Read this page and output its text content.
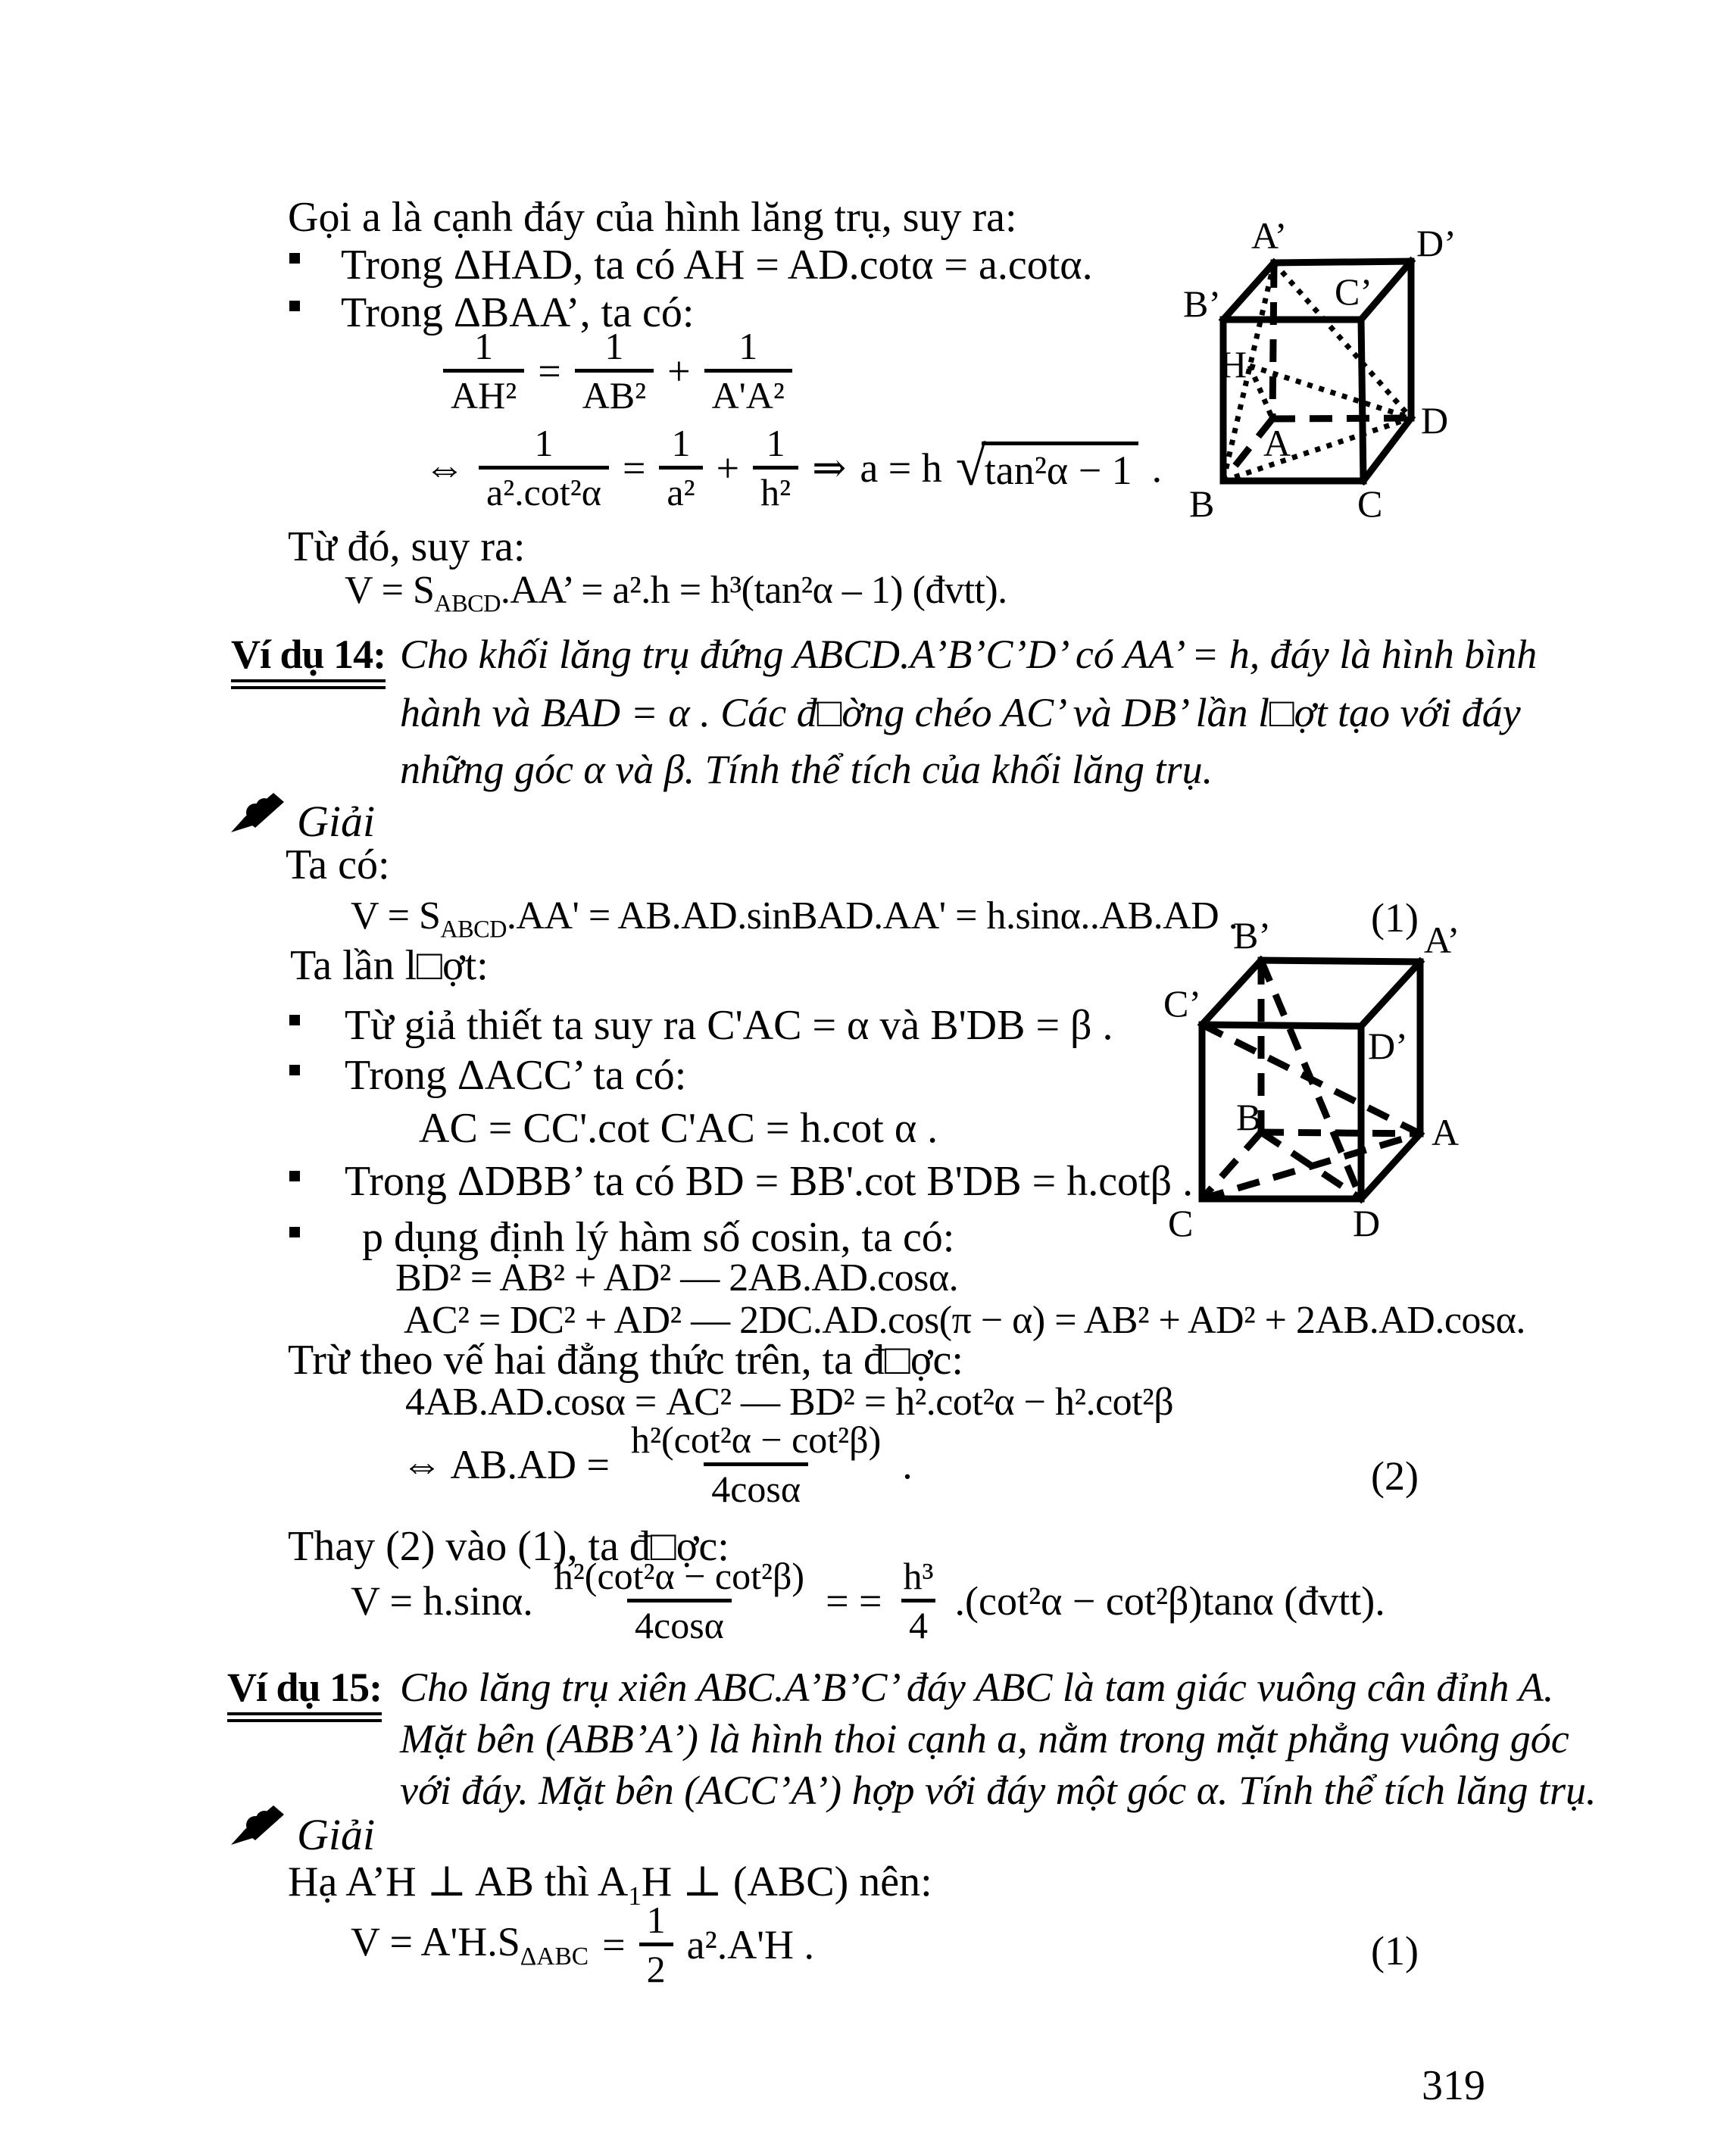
Gọi a là cạnh đáy của hình lăng trụ, suy ra:
Trong ΔHAD, ta có AH = AD.cotα = a.cotα.
Trong ΔBAA’, ta có:
$\frac{1}{\text{AH²}} = \frac{1}{\text{AB²}} + \frac{1}{\text{A'A²}}$
⇔ $\frac{1}{\text{a².cot²α}} = \frac{1}{\text{a²}} + \frac{1}{\text{h²}}$ ⇒ a = h √
tan²α − 1 .
Từ đó, suy ra:
$V = S_{ABCD}.AA$’ = a².h = h³(tan²α – 1) (đvtt).
A’	D’
B’	C’
H
A
D
B	C
Ví dụ 14: Cho khối lăng trụ đứng ABCD.A’B’C’D’ có AA’ = h, đáy là hình bình
hành và BAD = α . Các đ□ờng chéo AC’ và DB’ lần l□ợt tạo với đáy
những góc α và β. Tính thể tích của khối lăng trụ.
Giải
Ta có:
$V = S_{ABCD}.AA'$ = AB.AD.sinBAD.AA' = h.sinα..AB.AD .	(1)
Ta lần l□ợt:
Từ giả thiết ta suy ra C'AC = α và B'DB = β .
Trong ΔACC’ ta có:
AC = CC'.cot C'AC = h.cot α .
Trong ΔDBB’ ta có BD = BB'.cot B'DB = h.cotβ .
p dụng định lý hàm số cosin, ta có:
BD² = AB² + AD² — 2AB.AD.cosα.
AC² = DC² + AD² — 2DC.AD.cos(π − α) = AB² + AD² + 2AB.AD.cosα.
Trừ theo vế hai đẳng thức trên, ta đ□ợc:
4AB.AD.cosα = AC² — BD² = h².cot²α − h².cot²β
⇔ $AB.AD = \frac{\text{h²(cot²α − cot²β)}}{4\cos\alpha}$ .	(2)
Thay (2) vào (1), ta đ□ợc:
V = h.sinα. $\frac{\text{h²(cot²α − cot²β)}}{4\cos\alpha}$ = = $\frac{\text{h³}}{4} .(\cot^2\alpha - \cot^2\beta)\tan\alpha$ (đvtt).
B’	A’
C’
D’
B	A
C	D
Ví dụ 15: Cho lăng trụ xiên ABC.A’B’C’ đáy ABC là tam giác vuông cân đỉnh A.
Mặt bên (ABB’A’) là hình thoi cạnh a, nằm trong mặt phẳng vuông góc
với đáy. Mặt bên (ACC’A’) hợp với đáy một góc α. Tính thể tích lăng trụ.
Giải
Hạ A’H ⊥ AB thì $A_1H$ ⊥ (ABC) nên:
$V = A'H.S_{\Delta ABC} = \frac{1}{2} a^2.A'H$ .	(1)
319
